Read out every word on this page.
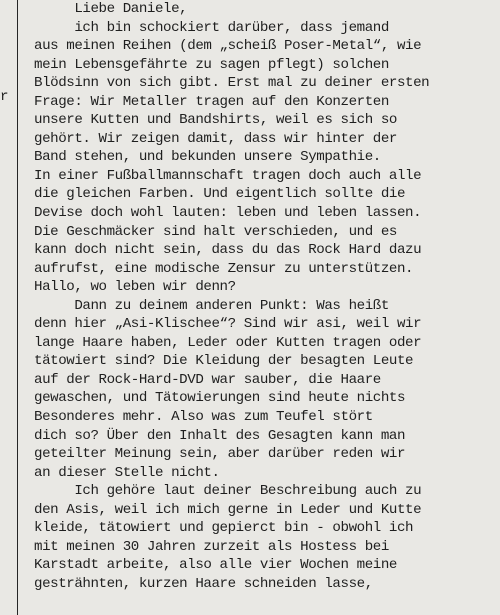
r
Liebe Daniele,
ich bin schockiert darüber, dass jemand
aus meinen Reihen (dem „scheiß Poser-Metal“, wie
mein Lebensgefährte zu sagen pflegt) solchen
Blödsinn von sich gibt. Erst mal zu deiner ersten
Frage: Wir Metaller tragen auf den Konzerten
unsere Kutten und Bandshirts, weil es sich so
gehört. Wir zeigen damit, dass wir hinter der
Band stehen, und bekunden unsere Sympathie.
In einer Fußballmannschaft tragen doch auch alle
die gleichen Farben. Und eigentlich sollte die
Devise doch wohl lauten: leben und leben lassen.
Die Geschmäcker sind halt verschieden, und es
kann doch nicht sein, dass du das Rock Hard dazu
aufrufst, eine modische Zensur zu unterstützen.
Hallo, wo leben wir denn?
Dann zu deinem anderen Punkt: Was heißt
denn hier „Asi-Klischee“? Sind wir asi, weil wir
lange Haare haben, Leder oder Kutten tragen oder
tätowiert sind? Die Kleidung der besagten Leute
auf der Rock-Hard-DVD war sauber, die Haare
gewaschen, und Tätowierungen sind heute nichts
Besonderes mehr. Also was zum Teufel stört
dich so? Über den Inhalt des Gesagten kann man
geteilter Meinung sein, aber darüber reden wir
an dieser Stelle nicht.
Ich gehöre laut deiner Beschreibung auch zu
den Asis, weil ich mich gerne in Leder und Kutte
kleide, tätowiert und gepierct bin - obwohl ich
mit meinen 30 Jahren zurzeit als Hostess bei
Karstadt arbeite, also alle vier Wochen meine
gesträhnten, kurzen Haare schneiden lasse,
